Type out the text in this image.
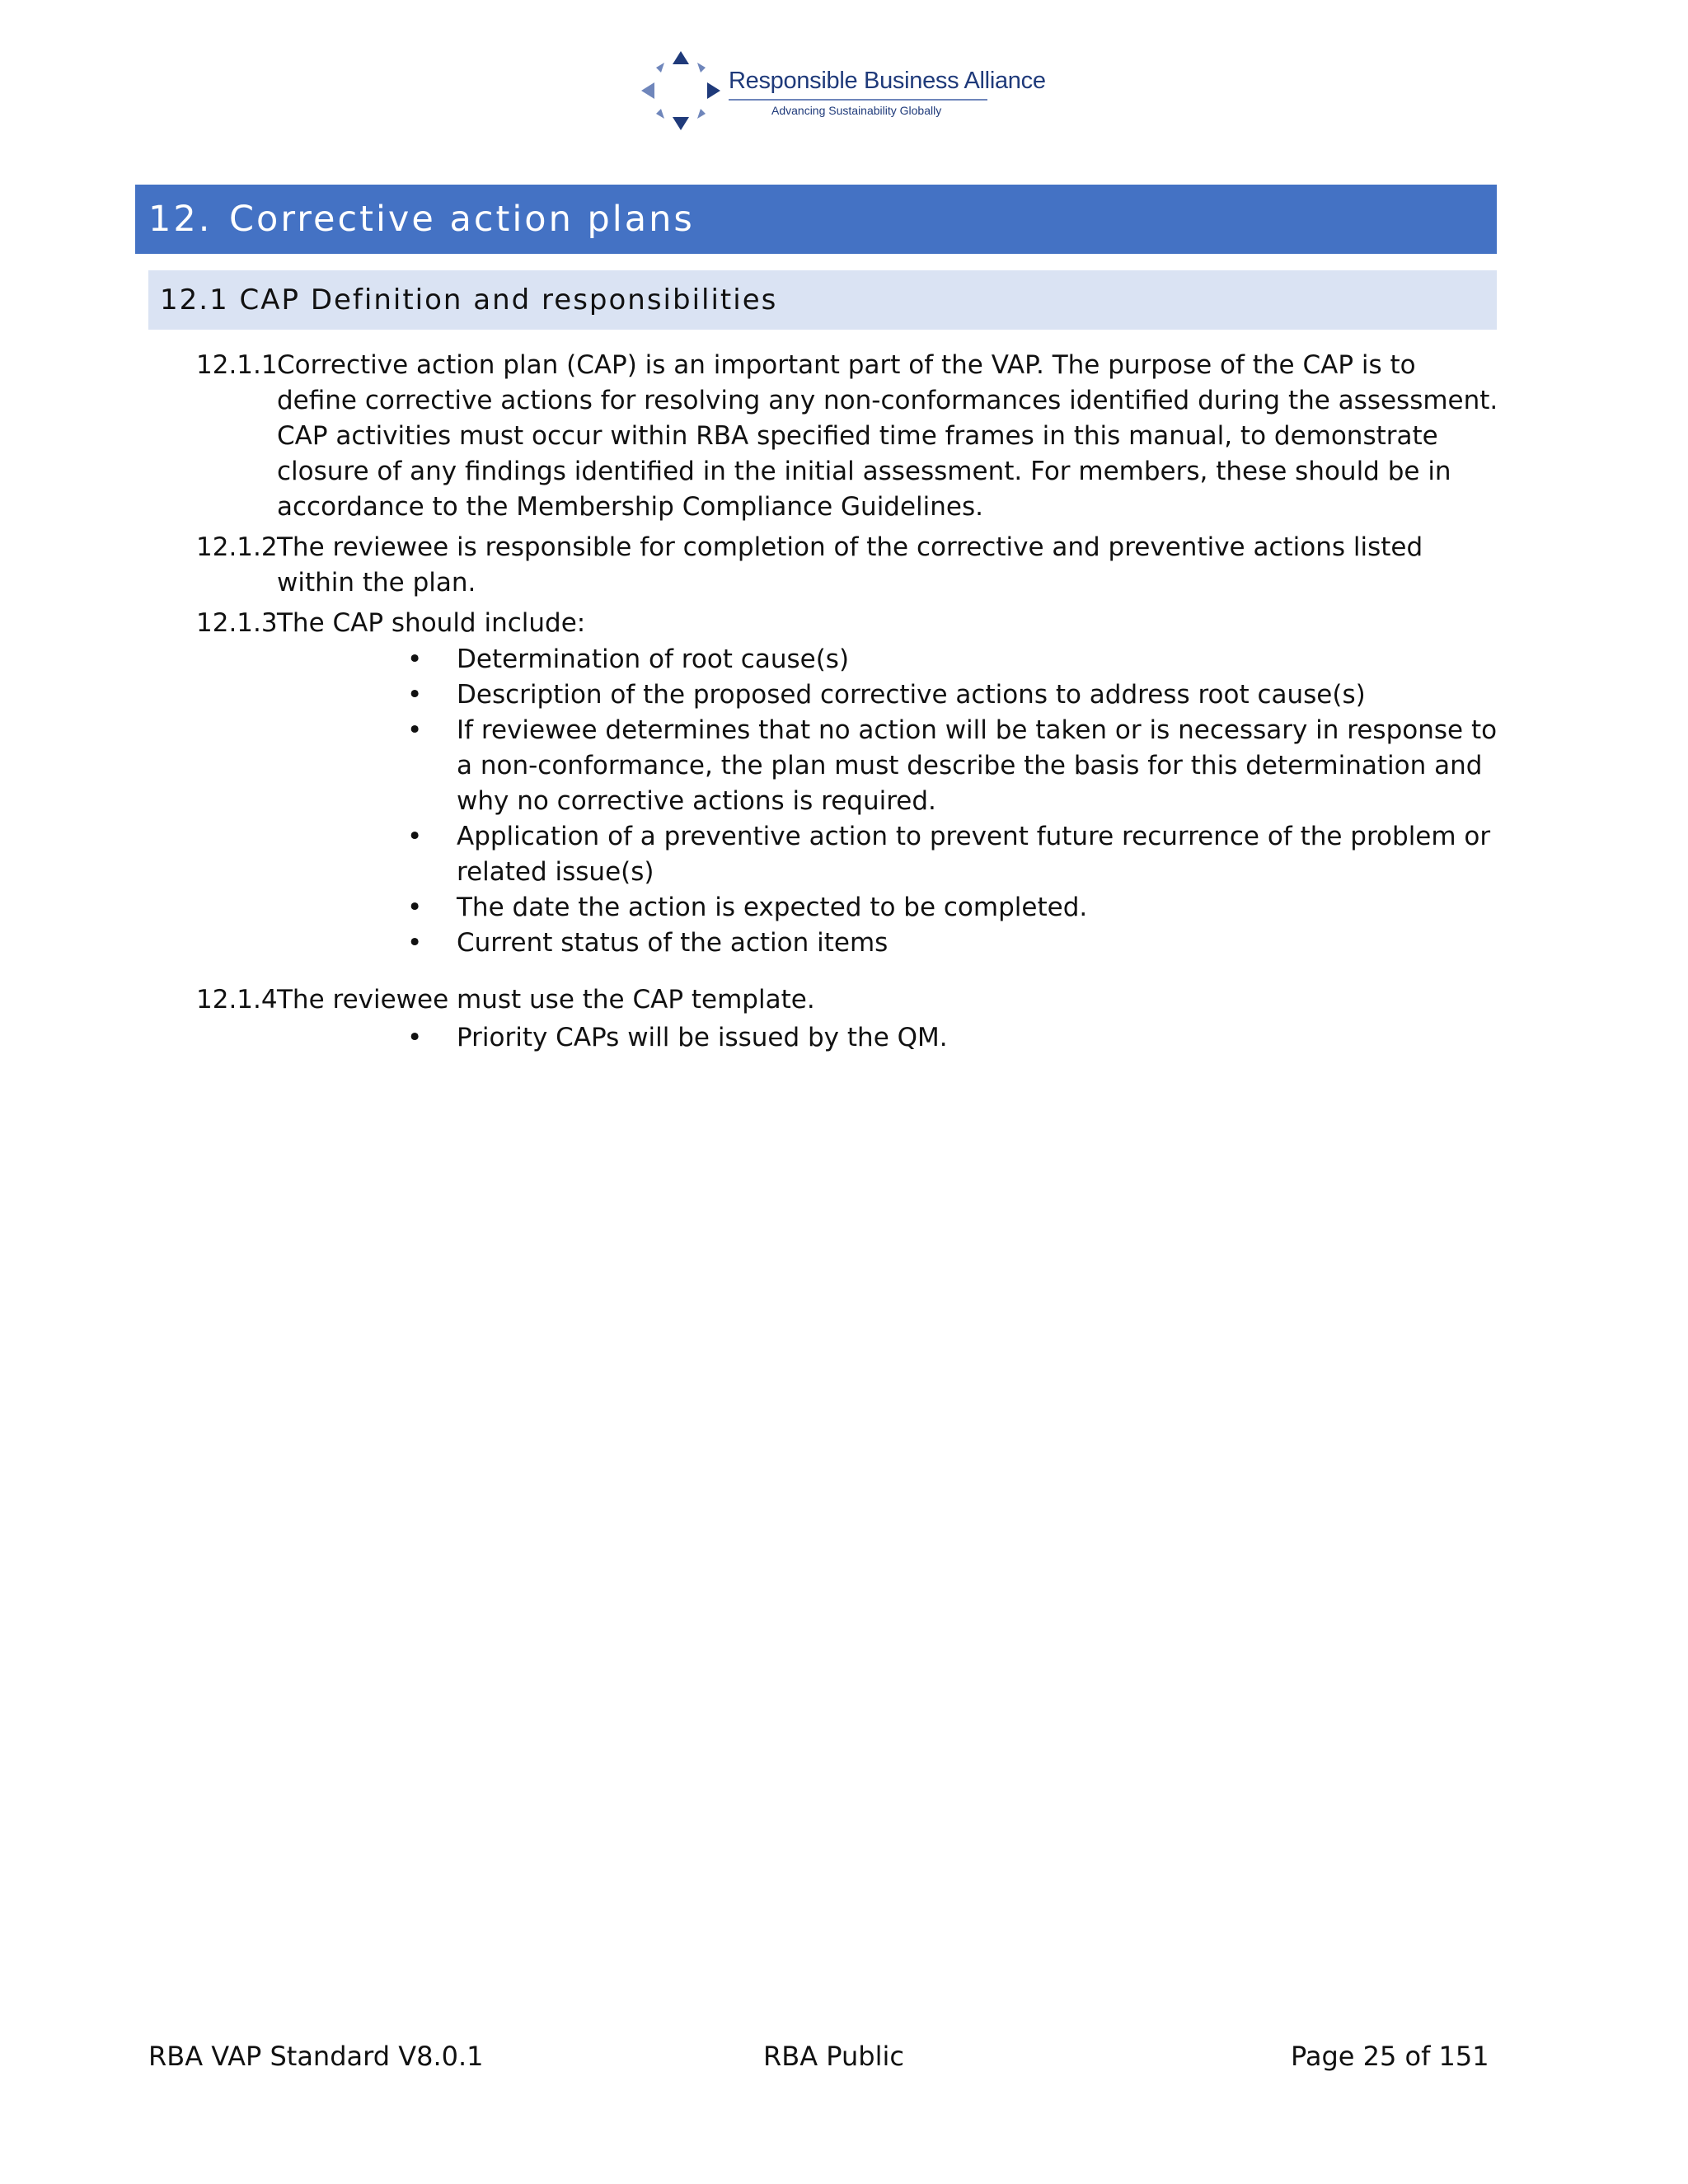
Responsible Business Alliance
Advancing Sustainability Globally
12. Corrective action plans
12.1 CAP Definition and responsibilities
12.1.1 Corrective action plan (CAP) is an important part of the VAP. The purpose of the CAP is to define corrective actions for resolving any non-conformances identified during the assessment. CAP activities must occur within RBA specified time frames in this manual, to demonstrate closure of any findings identified in the initial assessment. For members, these should be in accordance to the Membership Compliance Guidelines.
12.1.2 The reviewee is responsible for completion of the corrective and preventive actions listed within the plan.
12.1.3 The CAP should include:
• Determination of root cause(s)
• Description of the proposed corrective actions to address root cause(s)
• If reviewee determines that no action will be taken or is necessary in response to a non-conformance, the plan must describe the basis for this determination and why no corrective actions is required.
• Application of a preventive action to prevent future recurrence of the problem or related issue(s)
• The date the action is expected to be completed.
• Current status of the action items
12.1.4 The reviewee must use the CAP template.
• Priority CAPs will be issued by the QM.
RBA VAP Standard V8.0.1	RBA Public	Page 25 of 151
